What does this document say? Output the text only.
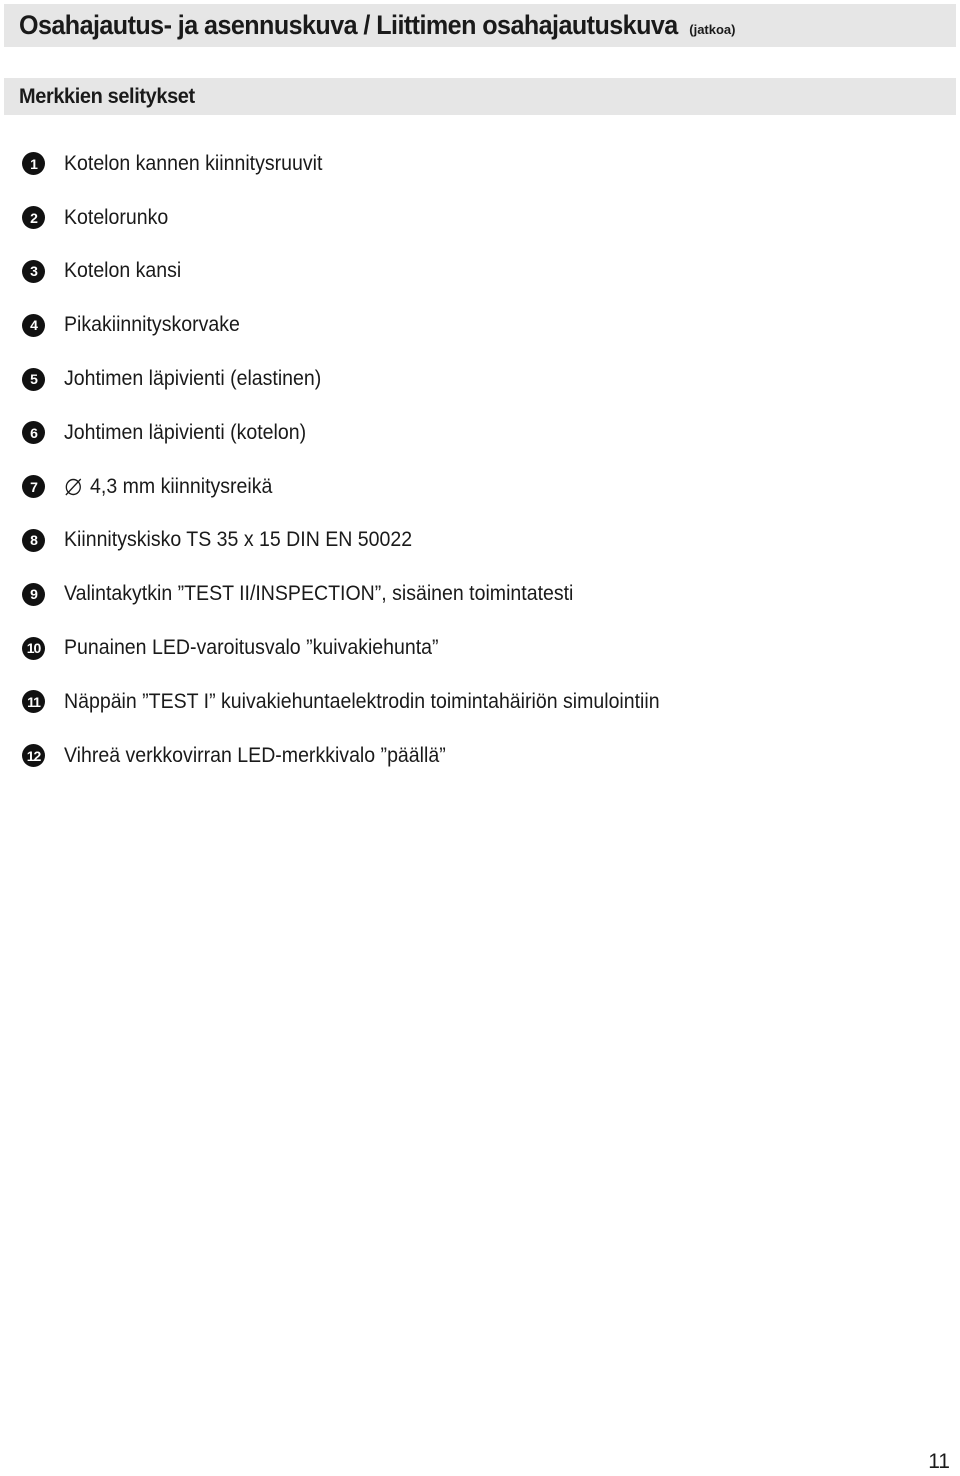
Osahajautus- ja asennuskuva / Liittimen osahajautuskuva (jatkoa)
Merkkien selitykset
1	Kotelon kannen kiinnitysruuvit
2	Kotelorunko
3	Kotelon kansi
4	Pikakiinnityskorvake
5	Johtimen läpivienti (elastinen)
6	Johtimen läpivienti (kotelon)
7	4,3 mm kiinnitysreikä
8	Kiinnityskisko TS 35 x 15 DIN EN 50022
9	Valintakytkin ”TEST II/INSPECTION”, sisäinen toimintatesti
10 Punainen LED-varoitusvalo ”kuivakiehunta”
11 Näppäin ”TEST I” kuivakiehuntaelektrodin toimintahäiriön simulointiin
12 Vihreä verkkovirran LED-merkkivalo ”päällä”
11
